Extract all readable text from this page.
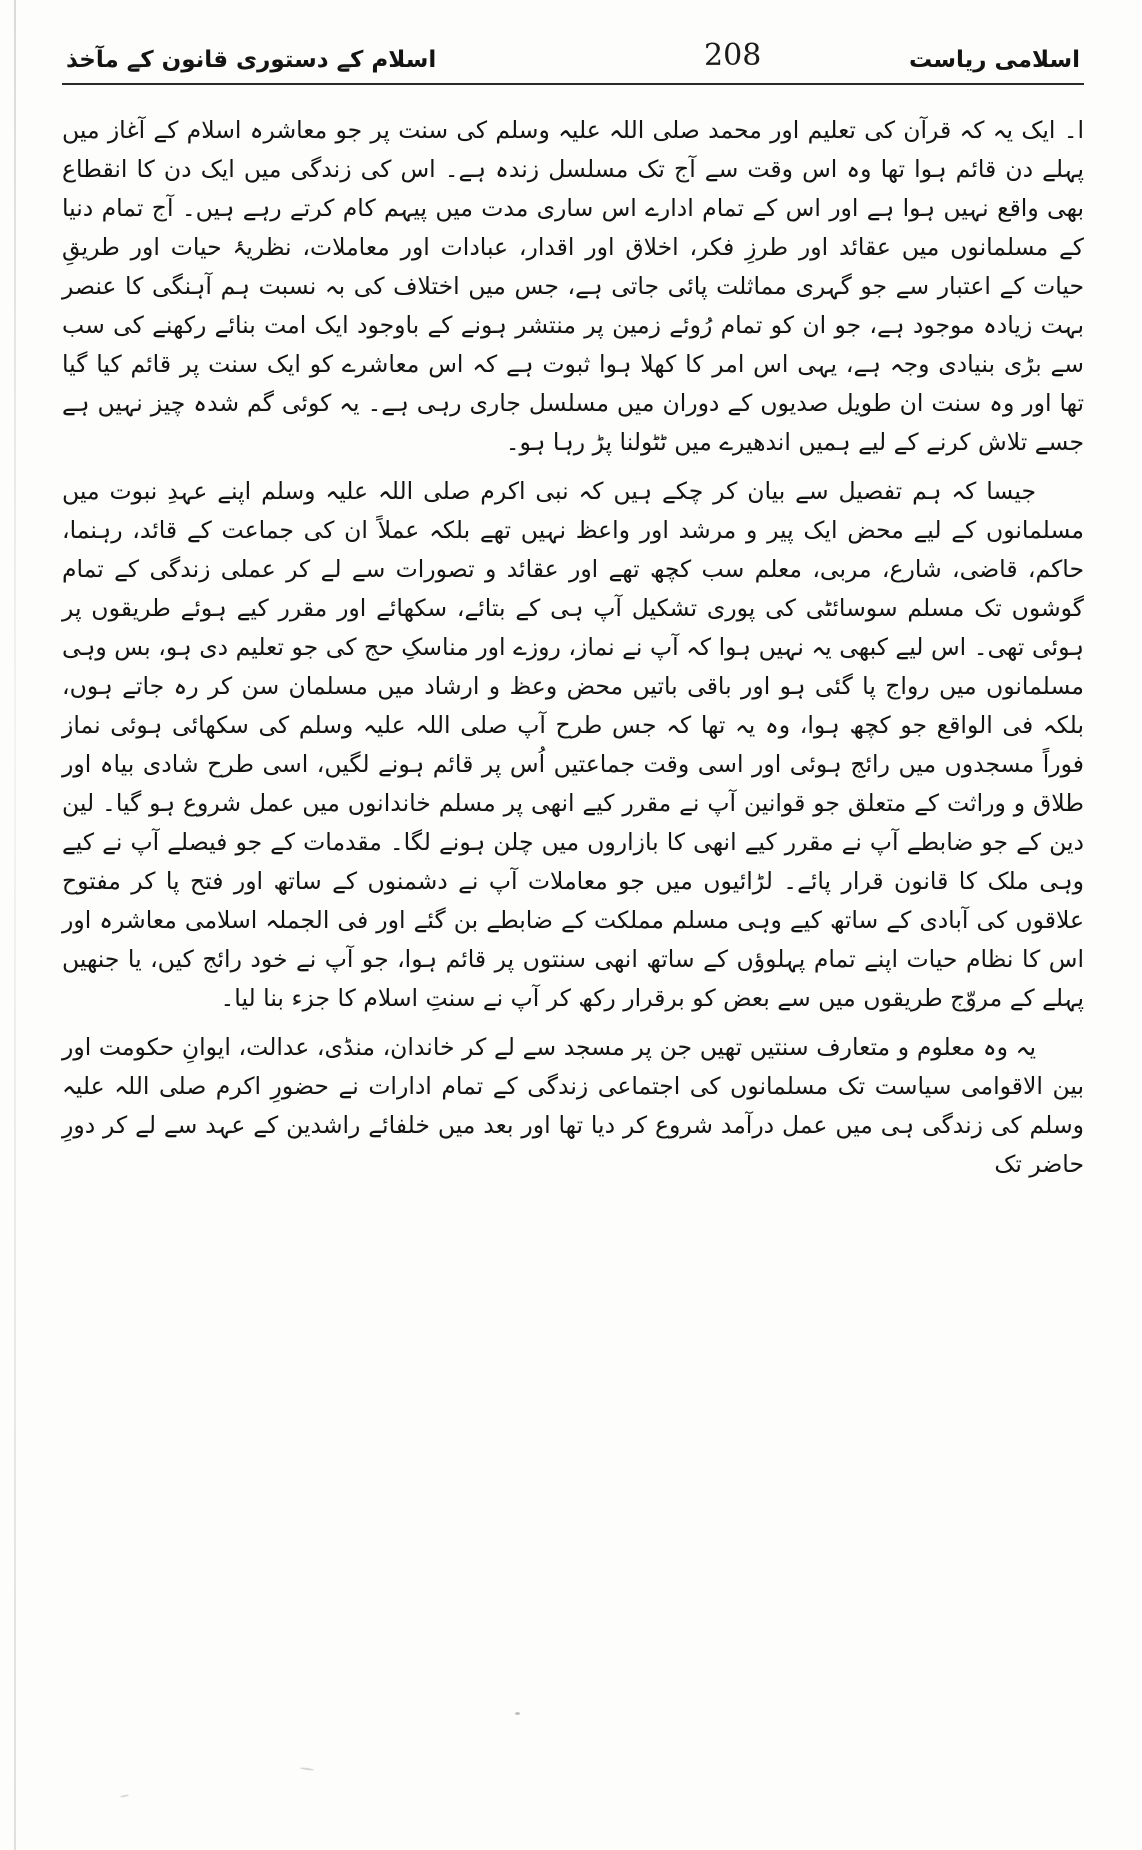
اسلامی ریاست
208
اسلام کے دستوری قانون کے مآخذ

ا۔ ایک یہ کہ قرآن کی تعلیم اور محمد صلی اللہ علیہ وسلم کی سنت پر جو معاشرہ اسلام کے آغاز میں پہلے دن قائم ہوا تھا وہ اس وقت سے آج تک مسلسل زندہ ہے۔ اس کی زندگی میں ایک دن کا انقطاع بھی واقع نہیں ہوا ہے اور اس کے تمام ادارے اس ساری مدت میں پیہم کام کرتے رہے ہیں۔ آج تمام دنیا کے مسلمانوں میں عقائد اور طرزِ فکر، اخلاق اور اقدار، عبادات اور معاملات، نظریۂ حیات اور طریقِ حیات کے اعتبار سے جو گہری مماثلت پائی جاتی ہے، جس میں اختلاف کی بہ نسبت ہم آہنگی کا عنصر بہت زیادہ موجود ہے، جو ان کو تمام رُوئے زمین پر منتشر ہونے کے باوجود ایک امت بنائے رکھنے کی سب سے بڑی بنیادی وجہ ہے، یہی اس امر کا کھلا ہوا ثبوت ہے کہ اس معاشرے کو ایک سنت پر قائم کیا گیا تھا اور وہ سنت ان طویل صدیوں کے دوران میں مسلسل جاری رہی ہے۔ یہ کوئی گم شدہ چیز نہیں ہے جسے تلاش کرنے کے لیے ہمیں اندھیرے میں ٹٹولنا پڑ رہا ہو۔

جیسا کہ ہم تفصیل سے بیان کر چکے ہیں کہ نبی اکرم صلی اللہ علیہ وسلم اپنے عہدِ نبوت میں مسلمانوں کے لیے محض ایک پیر و مرشد اور واعظ نہیں تھے بلکہ عملاً ان کی جماعت کے قائد، رہنما، حاکم، قاضی، شارع، مربی، معلم سب کچھ تھے اور عقائد و تصورات سے لے کر عملی زندگی کے تمام گوشوں تک مسلم سوسائٹی کی پوری تشکیل آپ ہی کے بتائے، سکھائے اور مقرر کیے ہوئے طریقوں پر ہوئی تھی۔ اس لیے کبھی یہ نہیں ہوا کہ آپ نے نماز، روزے اور مناسکِ حج کی جو تعلیم دی ہو، بس وہی مسلمانوں میں رواج پا گئی ہو اور باقی باتیں محض وعظ و ارشاد میں مسلمان سن کر رہ جاتے ہوں، بلکہ فی الواقع جو کچھ ہوا، وہ یہ تھا کہ جس طرح آپ صلی اللہ علیہ وسلم کی سکھائی ہوئی نماز فوراً مسجدوں میں رائج ہوئی اور اسی وقت جماعتیں اُس پر قائم ہونے لگیں، اسی طرح شادی بیاہ اور طلاق و وراثت کے متعلق جو قوانین آپ نے مقرر کیے انھی پر مسلم خاندانوں میں عمل شروع ہو گیا۔ لین دین کے جو ضابطے آپ نے مقرر کیے انھی کا بازاروں میں چلن ہونے لگا۔ مقدمات کے جو فیصلے آپ نے کیے وہی ملک کا قانون قرار پائے۔ لڑائیوں میں جو معاملات آپ نے دشمنوں کے ساتھ اور فتح پا کر مفتوح علاقوں کی آبادی کے ساتھ کیے وہی مسلم مملکت کے ضابطے بن گئے اور فی الجملہ اسلامی معاشرہ اور اس کا نظام حیات اپنے تمام پہلوؤں کے ساتھ انھی سنتوں پر قائم ہوا، جو آپ نے خود رائج کیں، یا جنھیں پہلے کے مروّج طریقوں میں سے بعض کو برقرار رکھ کر آپ نے سنتِ اسلام کا جزء بنا لیا۔

یہ وہ معلوم و متعارف سنتیں تھیں جن پر مسجد سے لے کر خاندان، منڈی، عدالت، ایوانِ حکومت اور بین الاقوامی سیاست تک مسلمانوں کی اجتماعی زندگی کے تمام ادارات نے حضورِ اکرم صلی اللہ علیہ وسلم کی زندگی ہی میں عمل درآمد شروع کر دیا تھا اور بعد میں خلفائے راشدین کے عہد سے لے کر دورِ حاضر تک
